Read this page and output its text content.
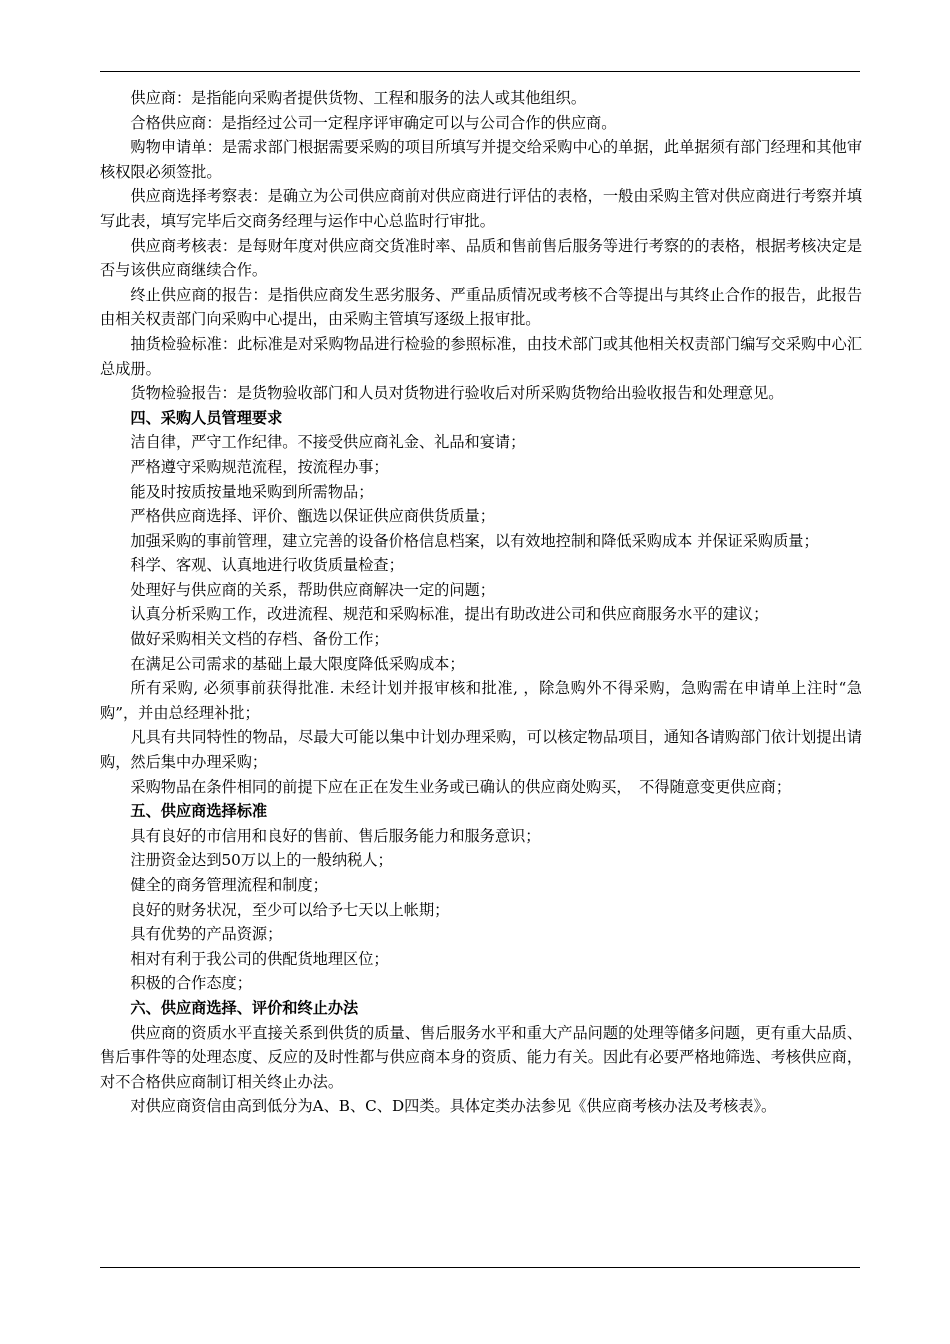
供应商：是指能向采购者提供货物、工程和服务的法人或其他组织。

合格供应商：是指经过公司一定程序评审确定可以与公司合作的供应商。

购物申请单：是需求部门根据需要采购的项目所填写并提交给采购中心的单据，此单据须有部门经理和其他审核权限必须签批。

供应商选择考察表：是确立为公司供应商前对供应商进行评估的表格，一般由采购主管对供应商进行考察并填写此表，填写完毕后交商务经理与运作中心总监时行审批。

供应商考核表：是每财年度对供应商交货准时率、品质和售前售后服务等进行考察的的表格，根据考核决定是否与该供应商继续合作。

终止供应商的报告：是指供应商发生恶劣服务、严重品质情况或考核不合等提出与其终止合作的报告，此报告由相关权责部门向采购中心提出，由采购主管填写逐级上报审批。

抽货检验标准：此标准是对采购物品进行检验的参照标准，由技术部门或其他相关权责部门编写交采购中心汇总成册。

货物检验报告：是货物验收部门和人员对货物进行验收后对所采购货物给出验收报告和处理意见。

四、采购人员管理要求

洁自律，严守工作纪律。不接受供应商礼金、礼品和宴请；

严格遵守采购规范流程，按流程办事；

能及时按质按量地采购到所需物品；

严格供应商选择、评价、甑选以保证供应商供货质量；

加强采购的事前管理，建立完善的设备价格信息档案，以有效地控制和降低采购成本 并保证采购质量；

科学、客观、认真地进行收货质量检查；

处理好与供应商的关系，帮助供应商解决一定的问题；

认真分析采购工作，改进流程、规范和采购标准，提出有助改进公司和供应商服务水平的建议；

做好采购相关文档的存档、备份工作；

在满足公司需求的基础上最大限度降低采购成本；

所有采购, 必须事前获得批准. 未经计划并报审核和批准, ，除急购外不得采购，急购需在申请单上注时“急购”，并由总经理补批；

凡具有共同特性的物品，尽最大可能以集中计划办理采购，可以核定物品项目，通知各请购部门依计划提出请购，然后集中办理采购；

采购物品在条件相同的前提下应在正在发生业务或已确认的供应商处购买，　不得随意变更供应商；

五、供应商选择标准

具有良好的市信用和良好的售前、售后服务能力和服务意识；

注册资金达到50万以上的一般纳税人；

健全的商务管理流程和制度；

良好的财务状况，至少可以给予七天以上帐期；

具有优势的产品资源；

相对有利于我公司的供配货地理区位；

积极的合作态度；

六、供应商选择、评价和终止办法

供应商的资质水平直接关系到供货的质量、售后服务水平和重大产品问题的处理等储多问题，更有重大品质、售后事件等的处理态度、反应的及时性都与供应商本身的资质、能力有关。因此有必要严格地筛选、考核供应商，对不合格供应商制订相关终止办法。

对供应商资信由高到低分为A、B、C、D四类。具体定类办法参见《供应商考核办法及考核表》。
